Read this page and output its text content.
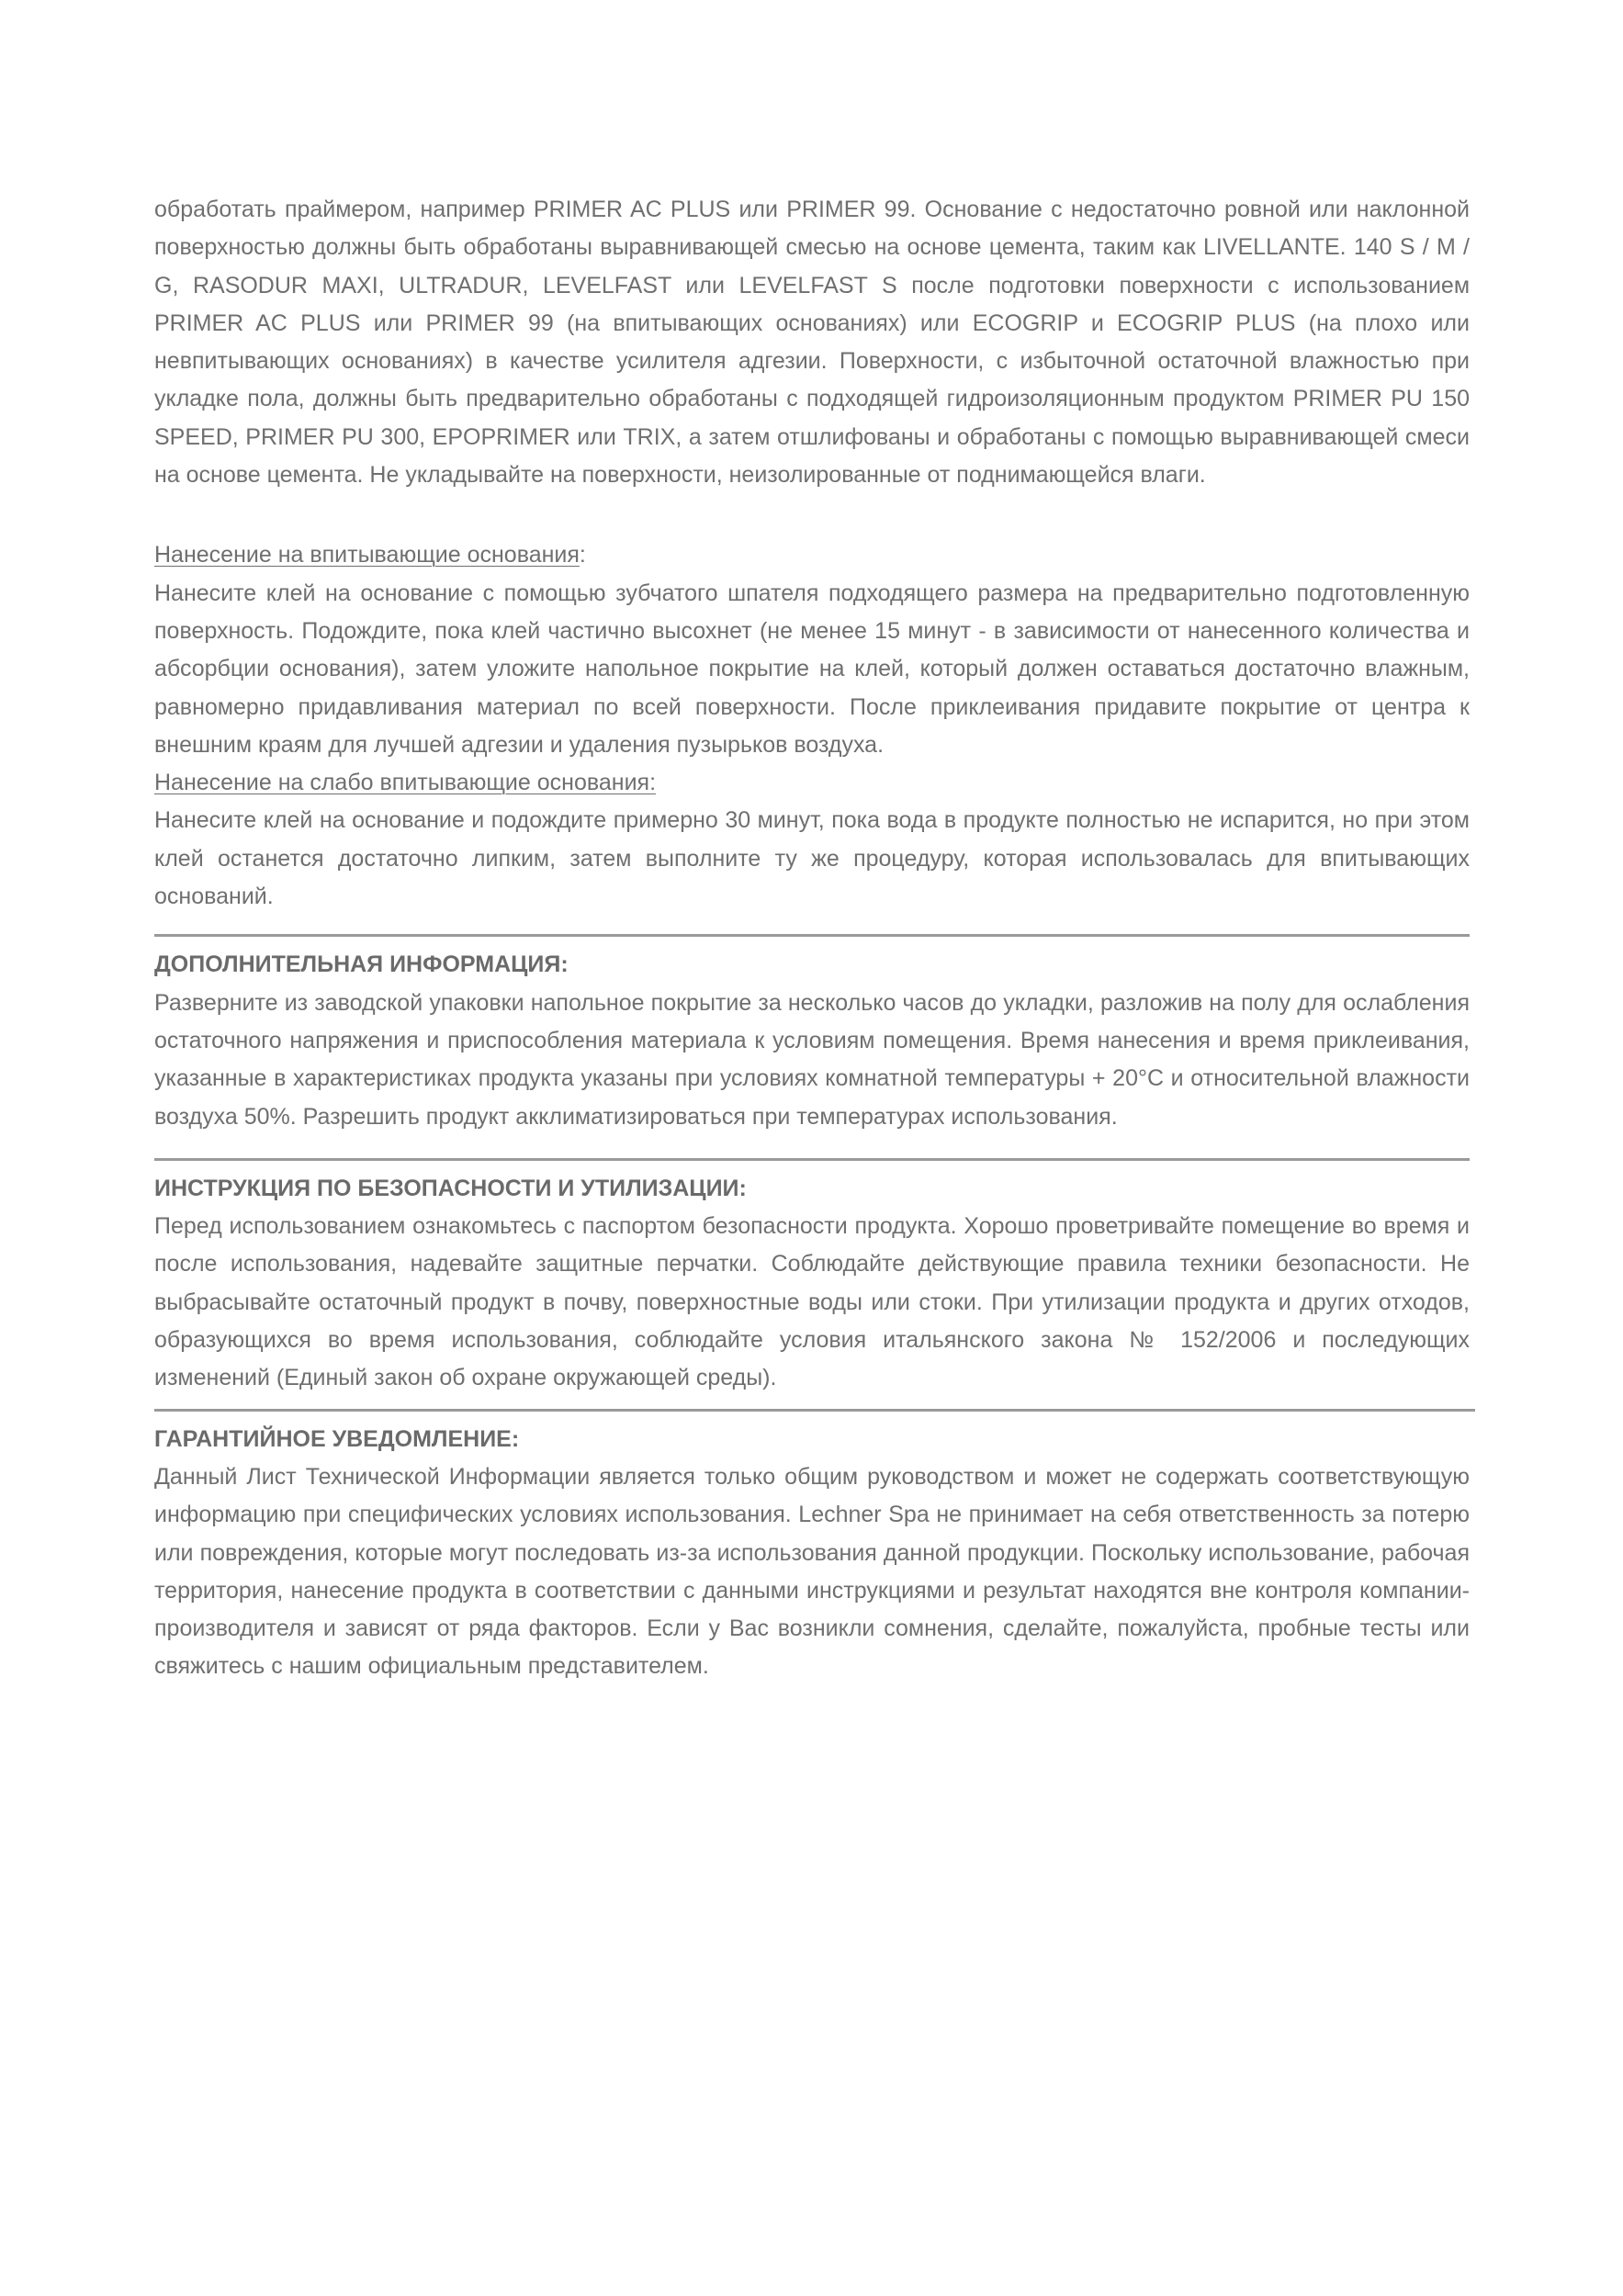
обработать праймером, например PRIMER AC PLUS или PRIMER 99. Основание с недостаточно ровной или наклонной поверхностью должны быть обработаны выравнивающей смесью на основе цемента, таким как LIVELLANTE. 140 S / M / G, RASODUR MAXI, ULTRADUR, LEVELFAST или LEVELFAST S после подготовки поверхности с использованием PRIMER AC PLUS или PRIMER 99 (на впитывающих основаниях) или ECOGRIP и ECOGRIP PLUS (на плохо или невпитывающих основаниях) в качестве усилителя адгезии. Поверхности, с избыточной остаточной влажностью при укладке пола, должны быть предварительно обработаны с подходящей гидроизоляционным продуктом PRIMER PU 150 SPEED, PRIMER PU 300, EPOPRIMER или TRIX, а затем отшлифованы и обработаны с помощью выравнивающей смеси на основе цемента. Не укладывайте на поверхности, неизолированные от поднимающейся влаги.

Нанесение на впитывающие основания:

Нанесите клей на основание с помощью зубчатого шпателя подходящего размера на предварительно подготовленную поверхность. Подождите, пока клей частично высохнет (не менее 15 минут - в зависимости от нанесенного количества и абсорбции основания), затем уложите напольное покрытие на клей, который должен оставаться достаточно влажным, равномерно придавливания материал по всей поверхности. После приклеивания придавите покрытие от центра к внешним краям для лучшей адгезии и удаления пузырьков воздуха.

Нанесение на слабо впитывающие основания:

Нанесите клей на основание и подождите примерно 30 минут, пока вода в продукте полностью не испарится, но при этом клей останется достаточно липким, затем выполните ту же процедуру, которая использовалась для впитывающих оснований.

ДОПОЛНИТЕЛЬНАЯ ИНФОРМАЦИЯ:

Разверните из заводской упаковки напольное покрытие за несколько часов до укладки, разложив на полу для ослабления остаточного напряжения и приспособления материала к условиям помещения. Время нанесения и время приклеивания, указанные в характеристиках продукта указаны при условиях комнатной температуры + 20°C и относительной влажности воздуха 50%. Разрешить продукт акклиматизироваться при температурах использования.

ИНСТРУКЦИЯ ПО БЕЗОПАСНОСТИ И УТИЛИЗАЦИИ:

Перед использованием ознакомьтесь с паспортом безопасности продукта. Хорошо проветривайте помещение во время и после использования, надевайте защитные перчатки. Соблюдайте действующие правила техники безопасности. Не выбрасывайте остаточный продукт в почву, поверхностные воды или стоки. При утилизации продукта и других отходов, образующихся во время использования, соблюдайте условия итальянского закона № 152/2006 и последующих изменений (Единый закон об охране окружающей среды).

ГАРАНТИЙНОЕ УВЕДОМЛЕНИЕ:

Данный Лист Технической Информации является только общим руководством и может не содержать соответствующую информацию при специфических условиях использования. Lechner Spa не принимает на себя ответственность за потерю или повреждения, которые могут последовать из-за использования данной продукции. Поскольку использование, рабочая территория, нанесение продукта в соответствии с данными инструкциями и результат находятся вне контроля компании-производителя и зависят от ряда факторов. Если у Вас возникли сомнения, сделайте, пожалуйста, пробные тесты или свяжитесь с нашим официальным представителем.
